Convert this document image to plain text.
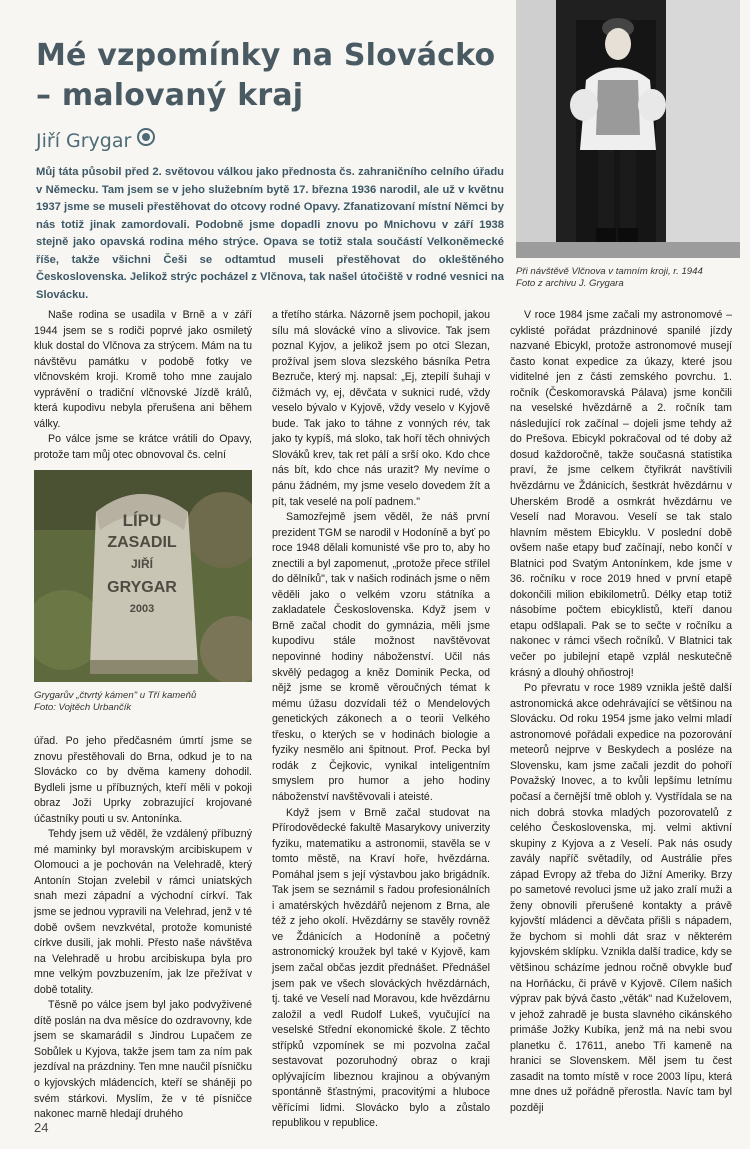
Mé vzpomínky na Slovácko – malovaný kraj
Jiří Grygar
Můj táta působil před 2. světovou válkou jako přednosta čs. zahraničního celního úřadu v Německu. Tam jsem se v jeho služebním bytě 17. března 1936 narodil, ale už v květnu 1937 jsme se museli přestěhovat do otcovy rodné Opavy. Zfanatizovaní místní Němci by nás totiž jinak zamordovali. Podobně jsme dopadli znovu po Mnichovu v září 1938 stejně jako opavská rodina mého strýce. Opava se totiž stala součástí Velkoněmecké říše, takže všichni Češi se odtamtud museli přestěhovat do okleštěného Československa. Jelikož strýc pocházel z Vlčnova, tak našel útočiště v rodné vesnici na Slovácku.
Při návštěvě Vlčnova v tamním kroji, r. 1944
Foto z archivu J. Grygara

Naše rodina se usadila v Brně a v září 1944 jsem se s rodiči poprvé jako osmiletý kluk dostal do Vlčnova za strýcem. Mám na tu návštěvu památku v podobě fotky ve vlčnovském kroji. Kromě toho mne zaujalo vyprávění o tradiční vlčnovské Jízdě králů, která kupodivu nebyla přerušena ani během války.

Po válce jsme se krátce vrátili do Opavy, protože tam můj otec obnovoval čs. celní

LÍPU
ZASADIL
JIŘÍ
GRYGAR
2003
Grygarův „čtvrtý kámen" u Tří kameňů
Foto: Vojtěch Urbančík

úřad. Po jeho předčasném úmrtí jsme se znovu přestěhovali do Brna, odkud je to na Slovácko co by dvěma kameny dohodil. Bydleli jsme u příbuzných, kteří měli v pokoji obraz Joži Uprky zobrazující krojované účastníky pouti u sv. Antonínka.

Tehdy jsem už věděl, že vzdálený příbuzný mé maminky byl moravským arcibiskupem v Olomouci a je pochován na Velehradě, který Antonín Stojan zvelebil v rámci uniatských snah mezi západní a východní církví. Tak jsme se jednou vypravili na Velehrad, jenž v té době ovšem nevzkvétal, protože komunisté církve dusili, jak mohli. Přesto naše návštěva na Velehradě u hrobu arcibiskupa byla pro mne velkým povzbuzením, jak lze přežívat v době totality.

Těsně po válce jsem byl jako podvyživené dítě poslán na dva měsíce do ozdravovny, kde jsem se skamarádil s Jindrou Lupačem ze Sobůlek u Kyjova, takže jsem tam za ním pak jezdíval na prázdniny. Ten mne naučil písničku o kyjovských mládencích, kteří se sháněji po svém stárkovi. Myslím, že v té písničce nakonec marně hledají druhého

a třetího stárka. Názorně jsem pochopil, jakou sílu má slovácké víno a slivovice. Tak jsem poznal Kyjov, a jelikož jsem po otci Slezan, prožíval jsem slova slezského básníka Petra Bezruče, který mj. napsal: „Ej, ztepilí šuhaji v čižmách vy, ej, děvčata v suknici rudé, vždy veselo bývalo v Kyjově, vždy veselo v Kyjově bude. Tak jako to táhne z vonných rév, tak jako ty kypíš, má sloko, tak hoří těch ohnivých Slováků krev, tak ret pálí a srší oko. Kdo chce nás bít, kdo chce nás urazit? My nevíme o pánu žádném, my jsme veselo dovedem žít a pít, tak veselé na polí padnem."

Samozřejmě jsem věděl, že náš první prezident TGM se narodil v Hodoníně a byť po roce 1948 dělali komunisté vše pro to, aby ho znectili a byl zapomenut, „protože přece střílel do dělníků", tak v našich rodinách jsme o něm věděli jako o velkém vzoru státníka a zakladatele Československa. Když jsem v Brně začal chodit do gymnázia, měli jsme kupodivu stále možnost navštěvovat nepovinné hodiny náboženství. Učil nás skvělý pedagog a kněz Dominik Pecka, od nějž jsme se kromě věroučných témat k mému úžasu dozvídali též o Mendelových genetických zákonech a o teorii Velkého třesku, o kterých se v hodinách biologie a fyziky nesmělo ani špitnout. Prof. Pecka byl rodák z Čejkovic, vynikal inteligentním smyslem pro humor a jeho hodiny náboženství navštěvovali i ateisté.

Když jsem v Brně začal studovat na Přírodovědecké fakultě Masarykovy univerzity fyziku, matematiku a astronomii, stavěla se v tomto městě, na Kraví hoře, hvězdárna. Pomáhal jsem s její výstavbou jako brigádník. Tak jsem se seznámil s řadou profesionálních i amatérských hvězdářů nejenom z Brna, ale též z jeho okolí. Hvězdárny se stavěly rovněž ve Ždánicích a Hodoníně a početný astronomický kroužek byl také v Kyjově, kam jsem začal občas jezdit přednášet. Přednášel jsem pak ve všech slováckých hvězdárnách, tj. také ve Veselí nad Moravou, kde hvězdárnu založil a vedl Rudolf Lukeš, vyučující na veselské Střední ekonomické škole. Z těchto střípků vzpomínek se mi pozvolna začal sestavovat pozoruhodný obraz o kraji oplývajícím libeznou krajinou a obývaným spontánně šťastnými, pracovitými a hluboce věřícími lidmi. Slovácko bylo a zůstalo republikou v republice.

V roce 1984 jsme začali my astronomové – cyklisté pořádat prázdninové spanilé jízdy nazvané Ebicykl, protože astronomové musejí často konat expedice za úkazy, které jsou viditelné jen z části zemského povrchu. 1. ročník (Českomoravská Pálava) jsme končili na veselské hvězdárně a 2. ročník tam následující rok začínal – dojeli jsme tehdy až do Prešova. Ebicykl pokračoval od té doby až dosud každoročně, takže současná statistika praví, že jsme celkem čtyřikrát navštívili hvězdárnu ve Ždánicích, šestkrát hvězdárnu v Uherském Brodě a osmkrát hvězdárnu ve Veselí nad Moravou. Veselí se tak stalo hlavním městem Ebicyklu. V poslední době ovšem naše etapy buď začínají, nebo končí v Blatnici pod Svatým Antonínkem, kde jsme v 36. ročníku v roce 2019 hned v první etapě dokončili milion ebikilometrů. Délky etap totiž násobíme počtem ebicyklistů, kteří danou etapu odšlapali. Pak se to sečte v ročníku a nakonec v rámci všech ročníků. V Blatnici tak večer po jubilejní etapě vzplál neskutečně krásný a dlouhý ohňostroj!

Po převratu v roce 1989 vznikla ještě další astronomická akce odehrávající se většinou na Slovácku. Od roku 1954 jsme jako velmi mladí astronomové pořádali expedice na pozorování meteorů nejprve v Beskydech a posléze na Slovensku, kam jsme začali jezdit do pohoří Považský Inovec, a to kvůli lepšímu letnímu počasí a černější tmě obloh y. Vystřídala se na nich dobrá stovka mladých pozorovatelů z celého Československa, mj. velmi aktivní skupiny z Kyjova a z Veselí. Pak nás osudy zavály napříč světadíly, od Austrálie přes západ Evropy až třeba do Jižní Ameriky. Brzy po sametové revoluci jsme už jako zralí muži a ženy obnovili přerušené kontakty a právě kyjovští mládenci a děvčata přišli s nápadem, že bychom si mohli dát sraz v některém kyjovském sklípku. Vznikla další tradice, kdy se většinou scházíme jednou ročně obvykle buď na Horňácku, či právě v Kyjově. Cílem našich výprav pak bývá často „věták" nad Kuželovem, v jehož zahradě je busta slavného cikánského primáše Jožky Kubíka, jenž má na nebi svou planetku č. 17611, anebo Tři kameně na hranici se Slovenskem. Měl jsem tu čest zasadit na tomto místě v roce 2003 lípu, která mne dnes už pořádně přerostla. Navíc tam byl později

24
